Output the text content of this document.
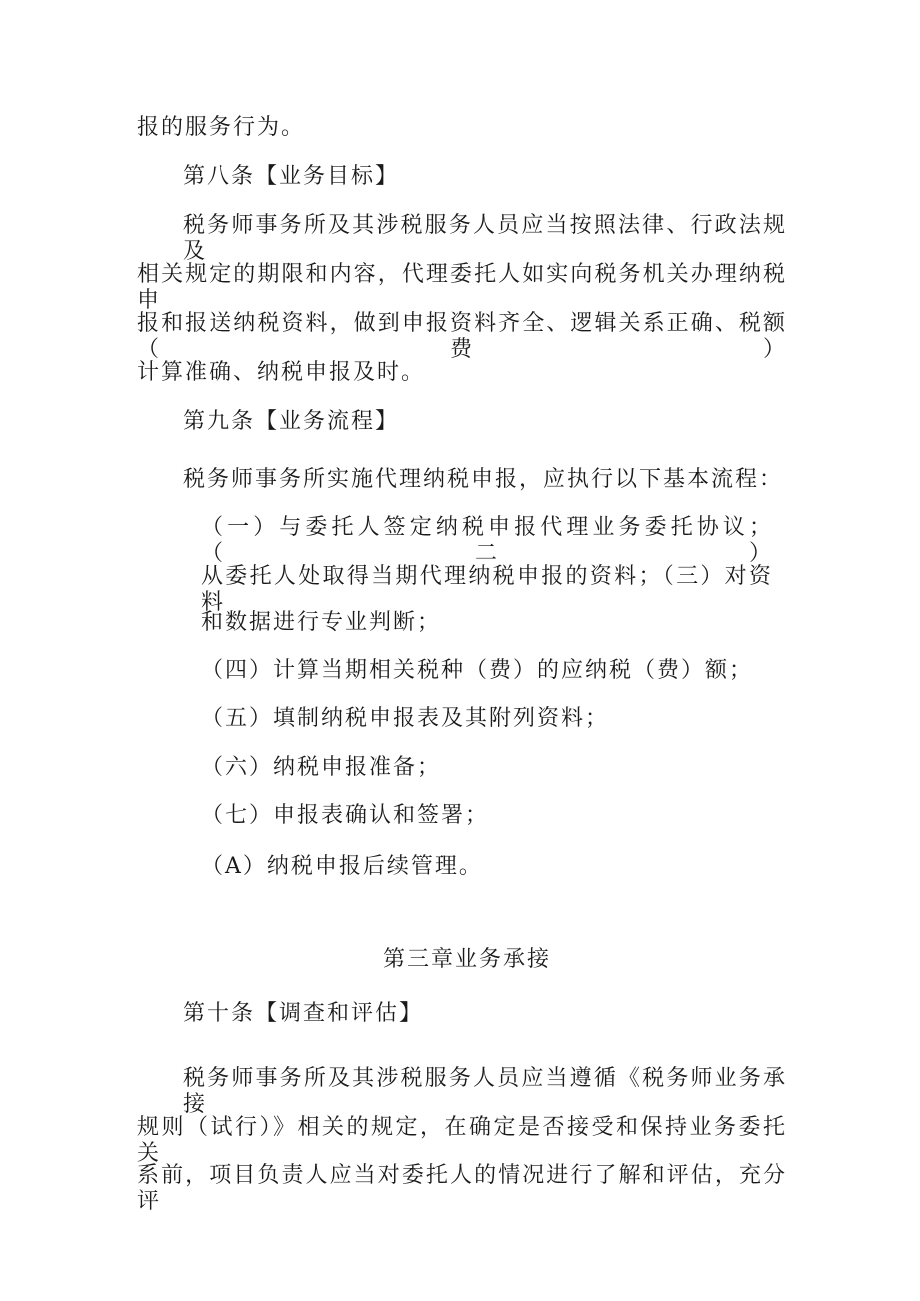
报的服务行为。
第八条【业务目标】
税务师事务所及其涉税服务人员应当按照法律、行政法规及
相关规定的期限和内容，代理委托人如实向税务机关办理纳税申
报和报送纳税资料，做到申报资料齐全、逻辑关系正确、税额（费）
计算准确、纳税申报及时。
第九条【业务流程】
税务师事务所实施代理纳税申报，应执行以下基本流程：
（一）与委托人签定纳税申报代理业务委托协议；（二）
从委托人处取得当期代理纳税申报的资料；（三）对资料
和数据进行专业判断；
（四）计算当期相关税种（费）的应纳税（费）额；
（五）填制纳税申报表及其附列资料；
（六）纳税申报准备；
（七）申报表确认和签署；
（A）纳税申报后续管理。
第三章业务承接
第十条【调查和评估】
税务师事务所及其涉税服务人员应当遵循《税务师业务承接
规则（试行）》相关的规定，在确定是否接受和保持业务委托关
系前，项目负责人应当对委托人的情况进行了解和评估，充分评
